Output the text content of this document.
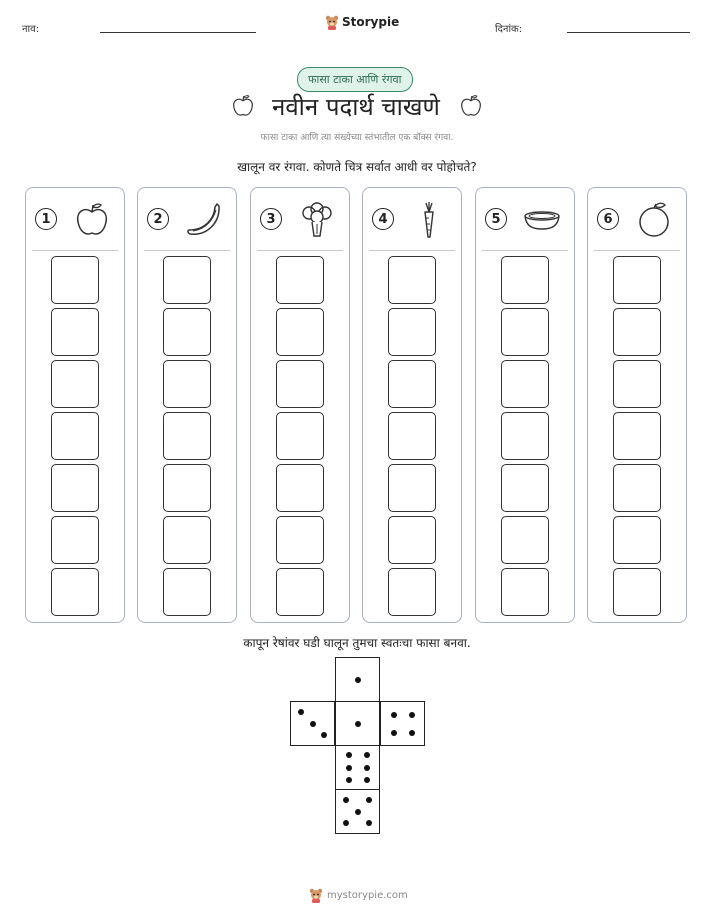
नाव:
Storypie
दिनांक:
फासा टाका आणि रंगवा
नवीन पदार्थ चाखणे
फासा टाका आणि त्या संख्येच्या स्तंभातील एक बॉक्स रंगवा.
खालून वर रंगवा. कोणते चित्र सर्वात आधी वर पोहोचते?
1	2	3	4	5	6
कापून रेषांवर घडी घालून तुमचा स्वतःचा फासा बनवा.
mystorypie.com
